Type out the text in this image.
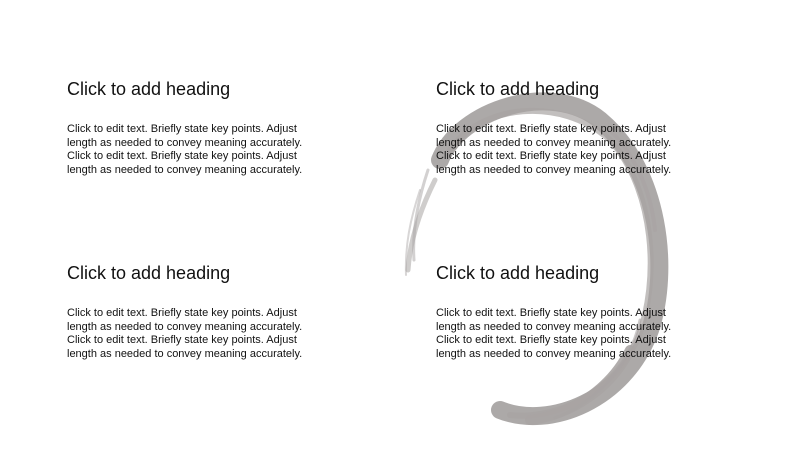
Click to add heading
Click to edit text. Briefly state key points. Adjust
length as needed to convey meaning accurately.
Click to edit text. Briefly state key points. Adjust
length as needed to convey meaning accurately.
Click to add heading
Click to edit text. Briefly state key points. Adjust
length as needed to convey meaning accurately.
Click to edit text. Briefly state key points. Adjust
length as needed to convey meaning accurately.
Click to add heading
Click to edit text. Briefly state key points. Adjust
length as needed to convey meaning accurately.
Click to edit text. Briefly state key points. Adjust
length as needed to convey meaning accurately.
Click to add heading
Click to edit text. Briefly state key points. Adjust
length as needed to convey meaning accurately.
Click to edit text. Briefly state key points. Adjust
length as needed to convey meaning accurately.
